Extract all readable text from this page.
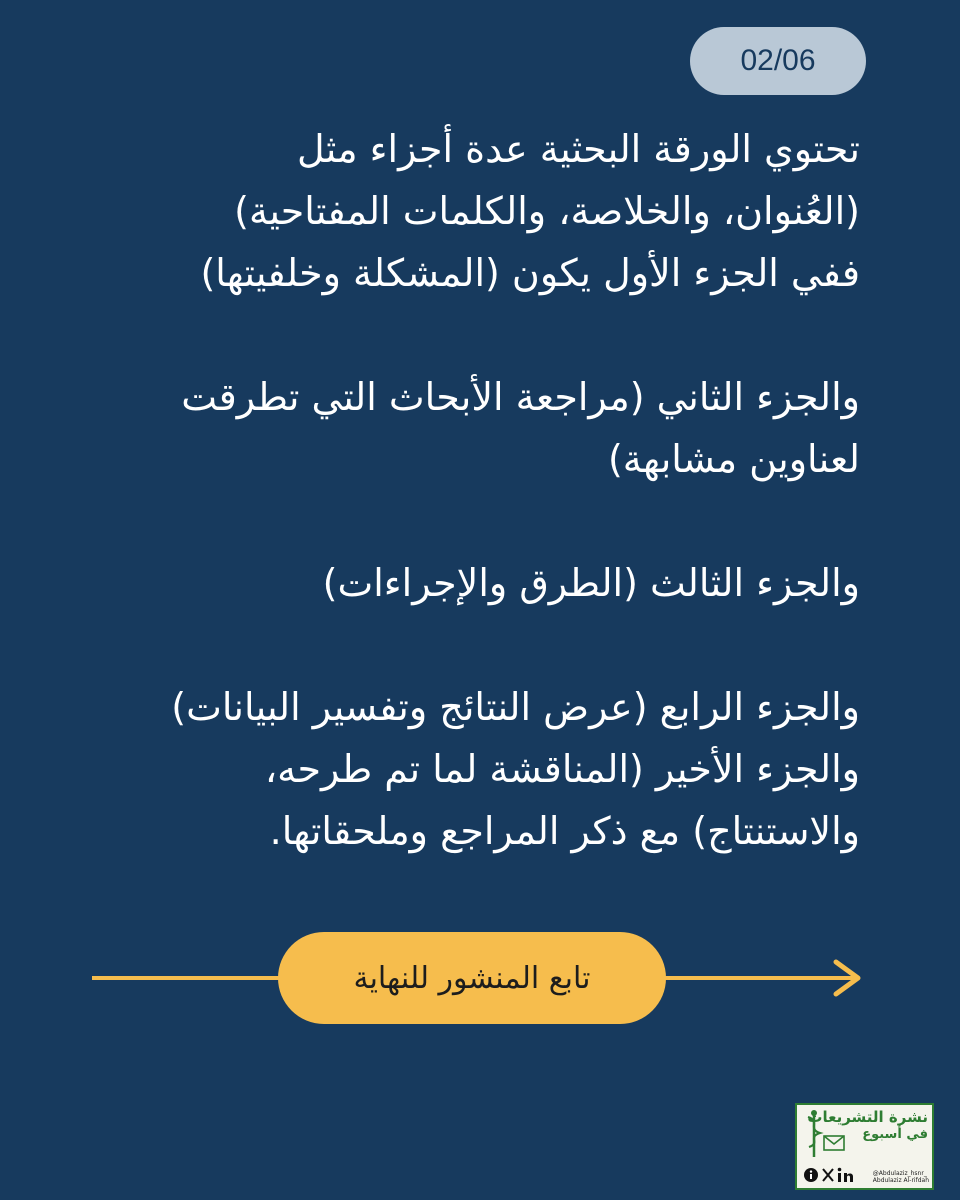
02/06
تحتوي الورقة البحثية عدة أجزاء مثل
(العُنوان، والخلاصة، والكلمات المفتاحية)
ففي الجزء الأول يكون (المشكلة وخلفيتها)
والجزء الثاني (مراجعة الأبحاث التي تطرقت
لعناوين مشابهة)
والجزء الثالث (الطرق والإجراءات)
والجزء الرابع (عرض النتائج وتفسير البيانات)
والجزء الأخير (المناقشة لما تم طرحه،
والاستنتاج) مع ذكر المراجع وملحقاتها.
تابع المنشور للنهاية
نشرة التشريعات
في أسبوع
@Abdulaziz_hsnr_
Abdulaziz Al-rifdah
